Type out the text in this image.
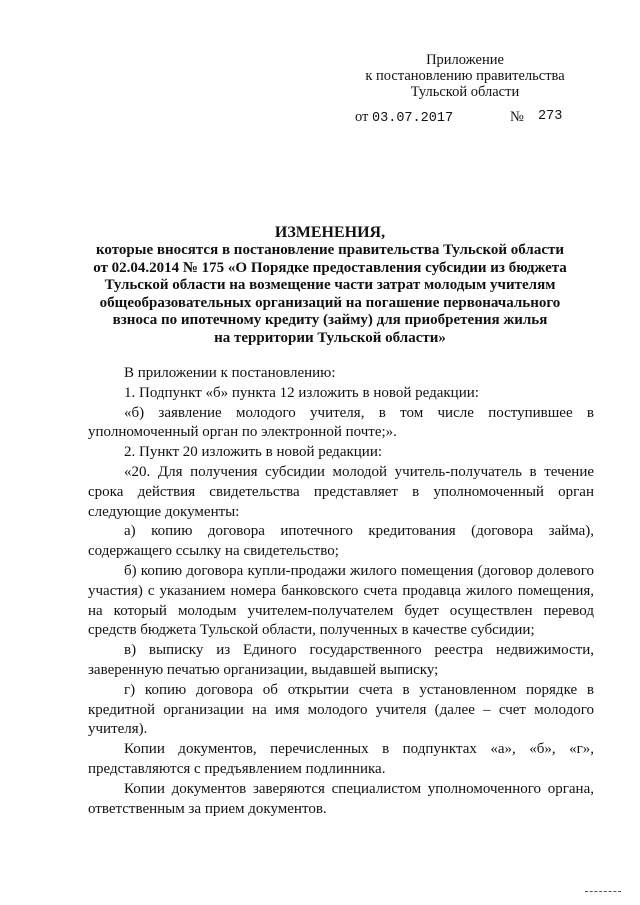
Приложение
к постановлению правительства
Тульской области
от 03.07.2017	№ 273
ИЗМЕНЕНИЯ,
которые вносятся в постановление правительства Тульской области
от 02.04.2014 № 175 «О Порядке предоставления субсидии из бюджета
Тульской области на возмещение части затрат молодым учителям
общеобразовательных организаций на погашение первоначального
взноса по ипотечному кредиту (займу) для приобретения жилья
на территории Тульской области»

В приложении к постановлению:

1. Подпункт «б» пункта 12 изложить в новой редакции:

«б) заявление молодого учителя, в том числе поступившее в уполномоченный орган по электронной почте;».

2. Пункт 20 изложить в новой редакции:

«20. Для получения субсидии молодой учитель-получатель в течение срока действия свидетельства представляет в уполномоченный орган следующие документы:

а) копию договора ипотечного кредитования (договора займа), содержащего ссылку на свидетельство;

б) копию договора купли-продажи жилого помещения (договор долевого участия) с указанием номера банковского счета продавца жилого помещения, на который молодым учителем-получателем будет осуществлен перевод средств бюджета Тульской области, полученных в качестве субсидии;

в) выписку из Единого государственного реестра недвижимости, заверенную печатью организации, выдавшей выписку;

г) копию договора об открытии счета в установленном порядке в кредитной организации на имя молодого учителя (далее – счет молодого учителя).

Копии документов, перечисленных в подпунктах «а», «б», «г», представляются с предъявлением подлинника.

Копии документов заверяются специалистом уполномоченного органа, ответственным за прием документов.
